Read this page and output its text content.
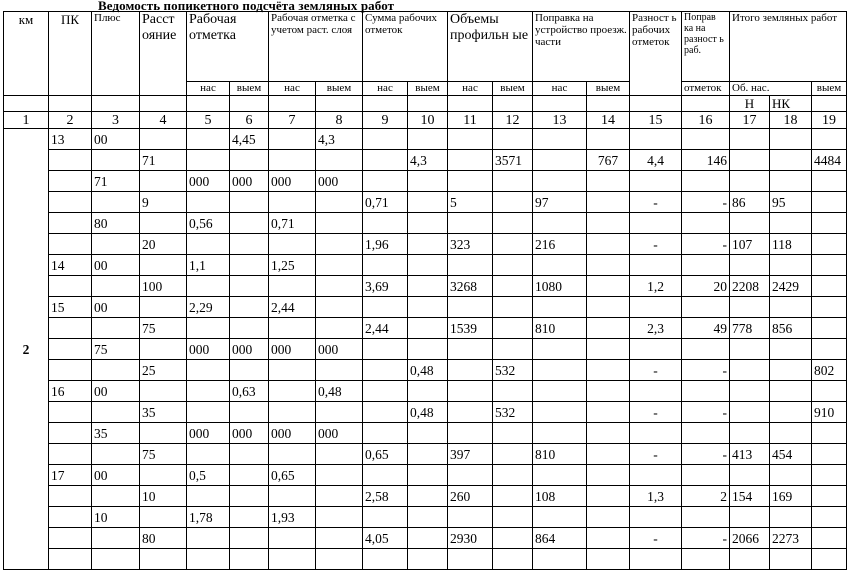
Ведомость попикетного подсчёта земляных работ
км	ПК	Плюс	Расст ояние	Рабочая отметка		Рабочая отметка с учетом раст. слоя		Сумма рабочих отметок		Объемы профильн ые		Поправка на устройство проезж. части		Разност ь рабочих отметок	Поправ ка на разност ь раб.	Итого земляных работ		
				нас	выем	нас	выем	нас	выем	нас	выем	нас	выем		отметок	Об. нас.		выем
																Н	НК	
1	2	3	4	5	6	7	8	9	10	11	12	13	14	15	16	17	18	19
2	13	00			4,45		4,3											
			71						4,3		3571		767	4,4	146			4484
		71		000	000	000	000											
			9					0,71		5		97		-	-	86	95	
		80		0,56		0,71												
			20					1,96		323		216		-	-	107	118	
	14	00		1,1		1,25												
			100					3,69		3268		1080		1,2	20	2208	2429	
	15	00		2,29		2,44												
			75					2,44		1539		810		2,3	49	778	856	
		75		000	000	000	000											
			25						0,48		532			-	-			802
	16	00			0,63		0,48											
			35						0,48		532			-	-			910
		35		000	000	000	000											
			75					0,65		397		810		-	-	413	454	
	17	00		0,5		0,65												
			10					2,58		260		108		1,3	2	154	169	
		10		1,78		1,93												
			80					4,05		2930		864		-	-	2066	2273	
